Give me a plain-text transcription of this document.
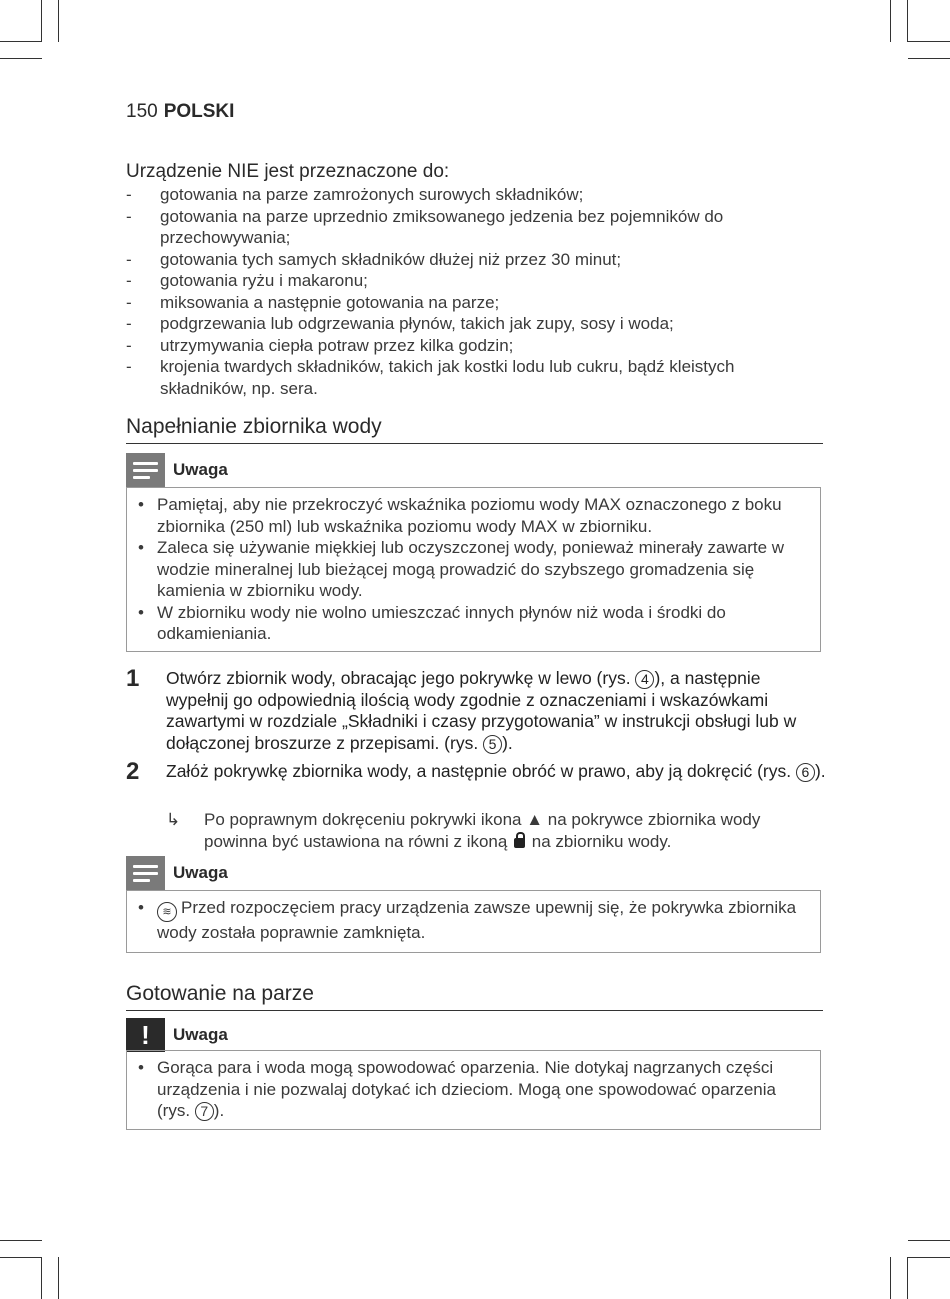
150 POLSKI

Urządzenie NIE jest przeznaczone do:

- gotowania na parze zamrożonych surowych składników;
- gotowania na parze uprzednio zmiksowanego jedzenia bez pojemników do przechowywania;
- gotowania tych samych składników dłużej niż przez 30 minut;
- gotowania ryżu i makaronu;
- miksowania a następnie gotowania na parze;
- podgrzewania lub odgrzewania płynów, takich jak zupy, sosy i woda;
- utrzymywania ciepła potraw przez kilka godzin;
- krojenia twardych składników, takich jak kostki lodu lub cukru, bądź kleistych składników, np. sera.
Napełnianie zbiornika wody
Uwaga
• Pamiętaj, aby nie przekroczyć wskaźnika poziomu wody MAX oznaczonego z boku zbiornika (250 ml) lub wskaźnika poziomu wody MAX w zbiorniku.
• Zaleca się używanie miękkiej lub oczyszczonej wody, ponieważ minerały zawarte w wodzie mineralnej lub bieżącej mogą prowadzić do szybszego gromadzenia się kamienia w zbiorniku wody.
• W zbiorniku wody nie wolno umieszczać innych płynów niż woda i środki do odkamieniania.
1 Otwórz zbiornik wody, obracając jego pokrywkę w lewo (rys. 4 ), a następnie wypełnij go odpowiednią ilością wody zgodnie z oznaczeniami i wskazówkami zawartymi w rozdziale „Składniki i czasy przygotowania” w instrukcji obsługi lub w dołączonej broszurze z przepisami. (rys. 5 ).
2 Załóż pokrywkę zbiornika wody, a następnie obróć w prawo, aby ją dokręcić (rys. 6 ).
↳ Po poprawnym dokręceniu pokrywki ikona ▲ na pokrywce zbiornika wody powinna być ustawiona na równi z ikoną  na zbiorniku wody.
Uwaga
• ≋ Przed rozpoczęciem pracy urządzenia zawsze upewnij się, że pokrywka zbiornika wody została poprawnie zamknięta.
Gotowanie na parze
!	Uwaga
• Gorąca para i woda mogą spowodować oparzenia. Nie dotykaj nagrzanych części urządzenia i nie pozwalaj dotykać ich dzieciom. Mogą one spowodować oparzenia (rys. 7 ).
